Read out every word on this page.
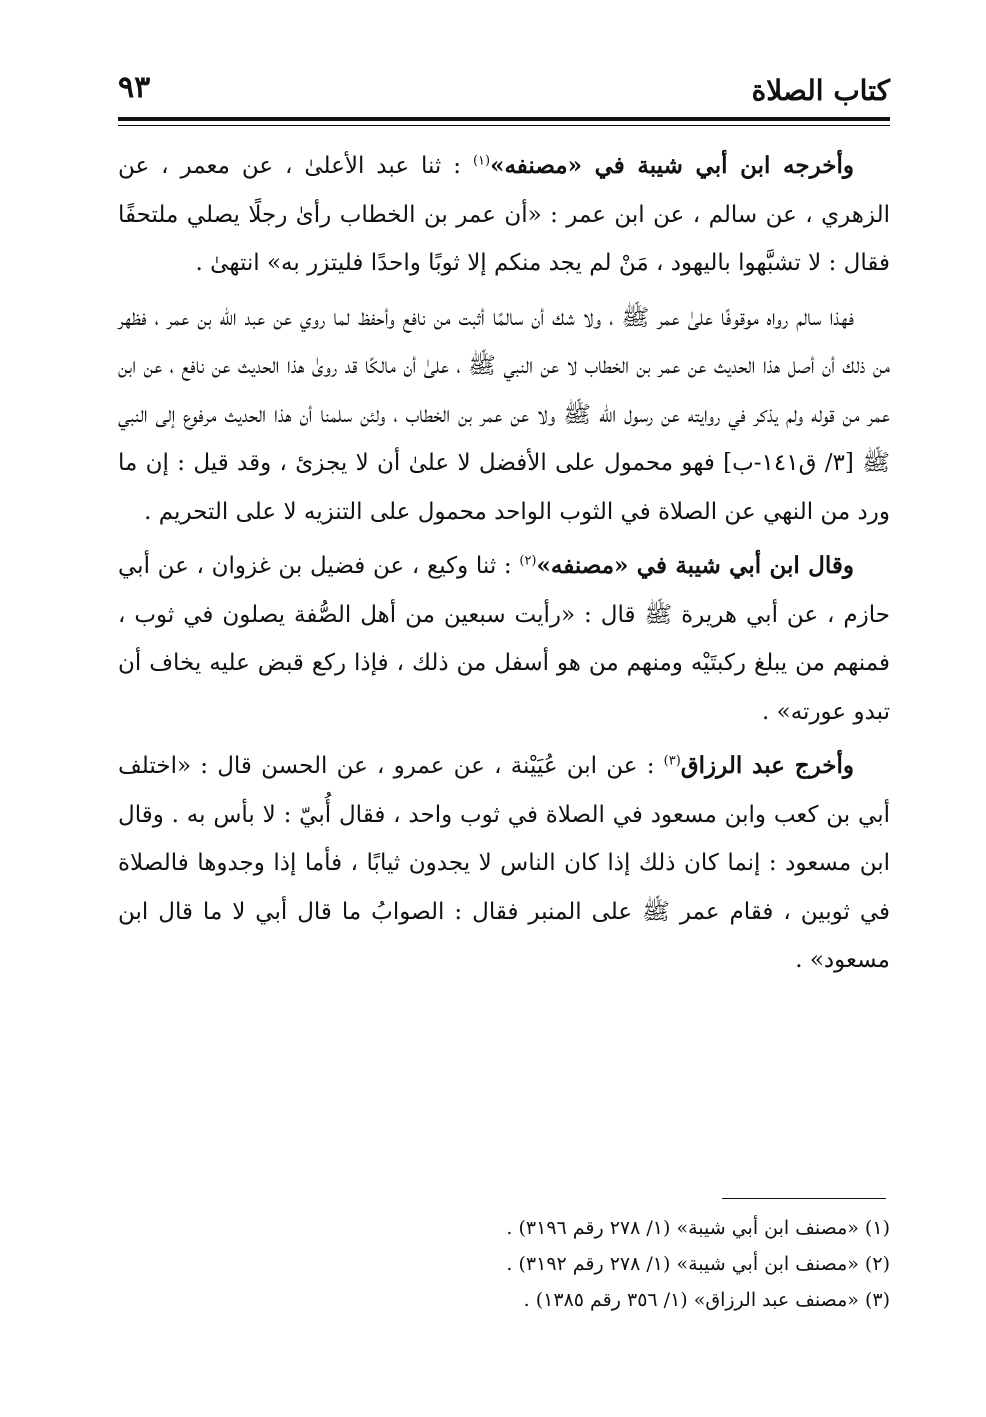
كتاب الصلاة
٩٣

وأخرجه ابن أبي شيبة في «مصنفه»$^{(١)}$ : ثنا عبد الأعلىٰ ، عن معمر ، عن الزهري ، عن سالم ، عن ابن عمر : «أن عمر بن الخطاب رأىٰ رجلًا يصلي ملتحفًا فقال : لا تشبَّهوا باليهود ، مَنْ لم يجد منكم إلا ثوبًا واحدًا فليتزر به» انتهىٰ .

فهذا سالم رواه موقوفًا علىٰ عمر ﷺ ، ولا شك أن سالمًا أثبت من نافع وأحفظ لما روي عن عبد الله بن عمر ، فظهر من ذلك أن أصل هذا الحديث عن عمر بن الخطاب لا عن النبي ﷺ ، علىٰ أن مالكًا قد روىٰ هذا الحديث عن نافع ، عن ابن عمر من قوله ولم يذكر في روايته عن رسول الله ﷺ ولا عن عمر بن الخطاب ، ولئن سلمنا أن هذا الحديث مرفوع إلى النبي ﷺ [٣/ ق١٤١-ب] فهو محمول على الأفضل لا علىٰ أن لا يجزئ ، وقد قيل : إن ما ورد من النهي عن الصلاة في الثوب الواحد محمول على التنزيه لا على التحريم .

وقال ابن أبي شيبة في «مصنفه»$^{(٢)}$ : ثنا وكيع ، عن فضيل بن غزوان ، عن أبي حازم ، عن أبي هريرة ﷺ قال : «رأيت سبعين من أهل الصُّفة يصلون في ثوب ، فمنهم من يبلغ ركبتَيْه ومنهم من هو أسفل من ذلك ، فإذا ركع قبض عليه يخاف أن تبدو عورته» .

وأخرج عبد الرزاق$^{(٣)}$ : عن ابن عُيَيْنة ، عن عمرو ، عن الحسن قال : «اختلف أبي بن كعب وابن مسعود في الصلاة في ثوب واحد ، فقال أُبيّ : لا بأس به . وقال ابن مسعود : إنما كان ذلك إذا كان الناس لا يجدون ثيابًا ، فأما إذا وجدوها فالصلاة في ثوبين ، فقام عمر ﷺ على المنبر فقال : الصوابُ ما قال أبي لا ما قال ابن مسعود» .

(١) «مصنف ابن أبي شيبة» (١/ ٢٧٨ رقم ٣١٩٦) .

(٢) «مصنف ابن أبي شيبة» (١/ ٢٧٨ رقم ٣١٩٢) .

(٣) «مصنف عبد الرزاق» (١/ ٣٥٦ رقم ١٣٨٥) .
